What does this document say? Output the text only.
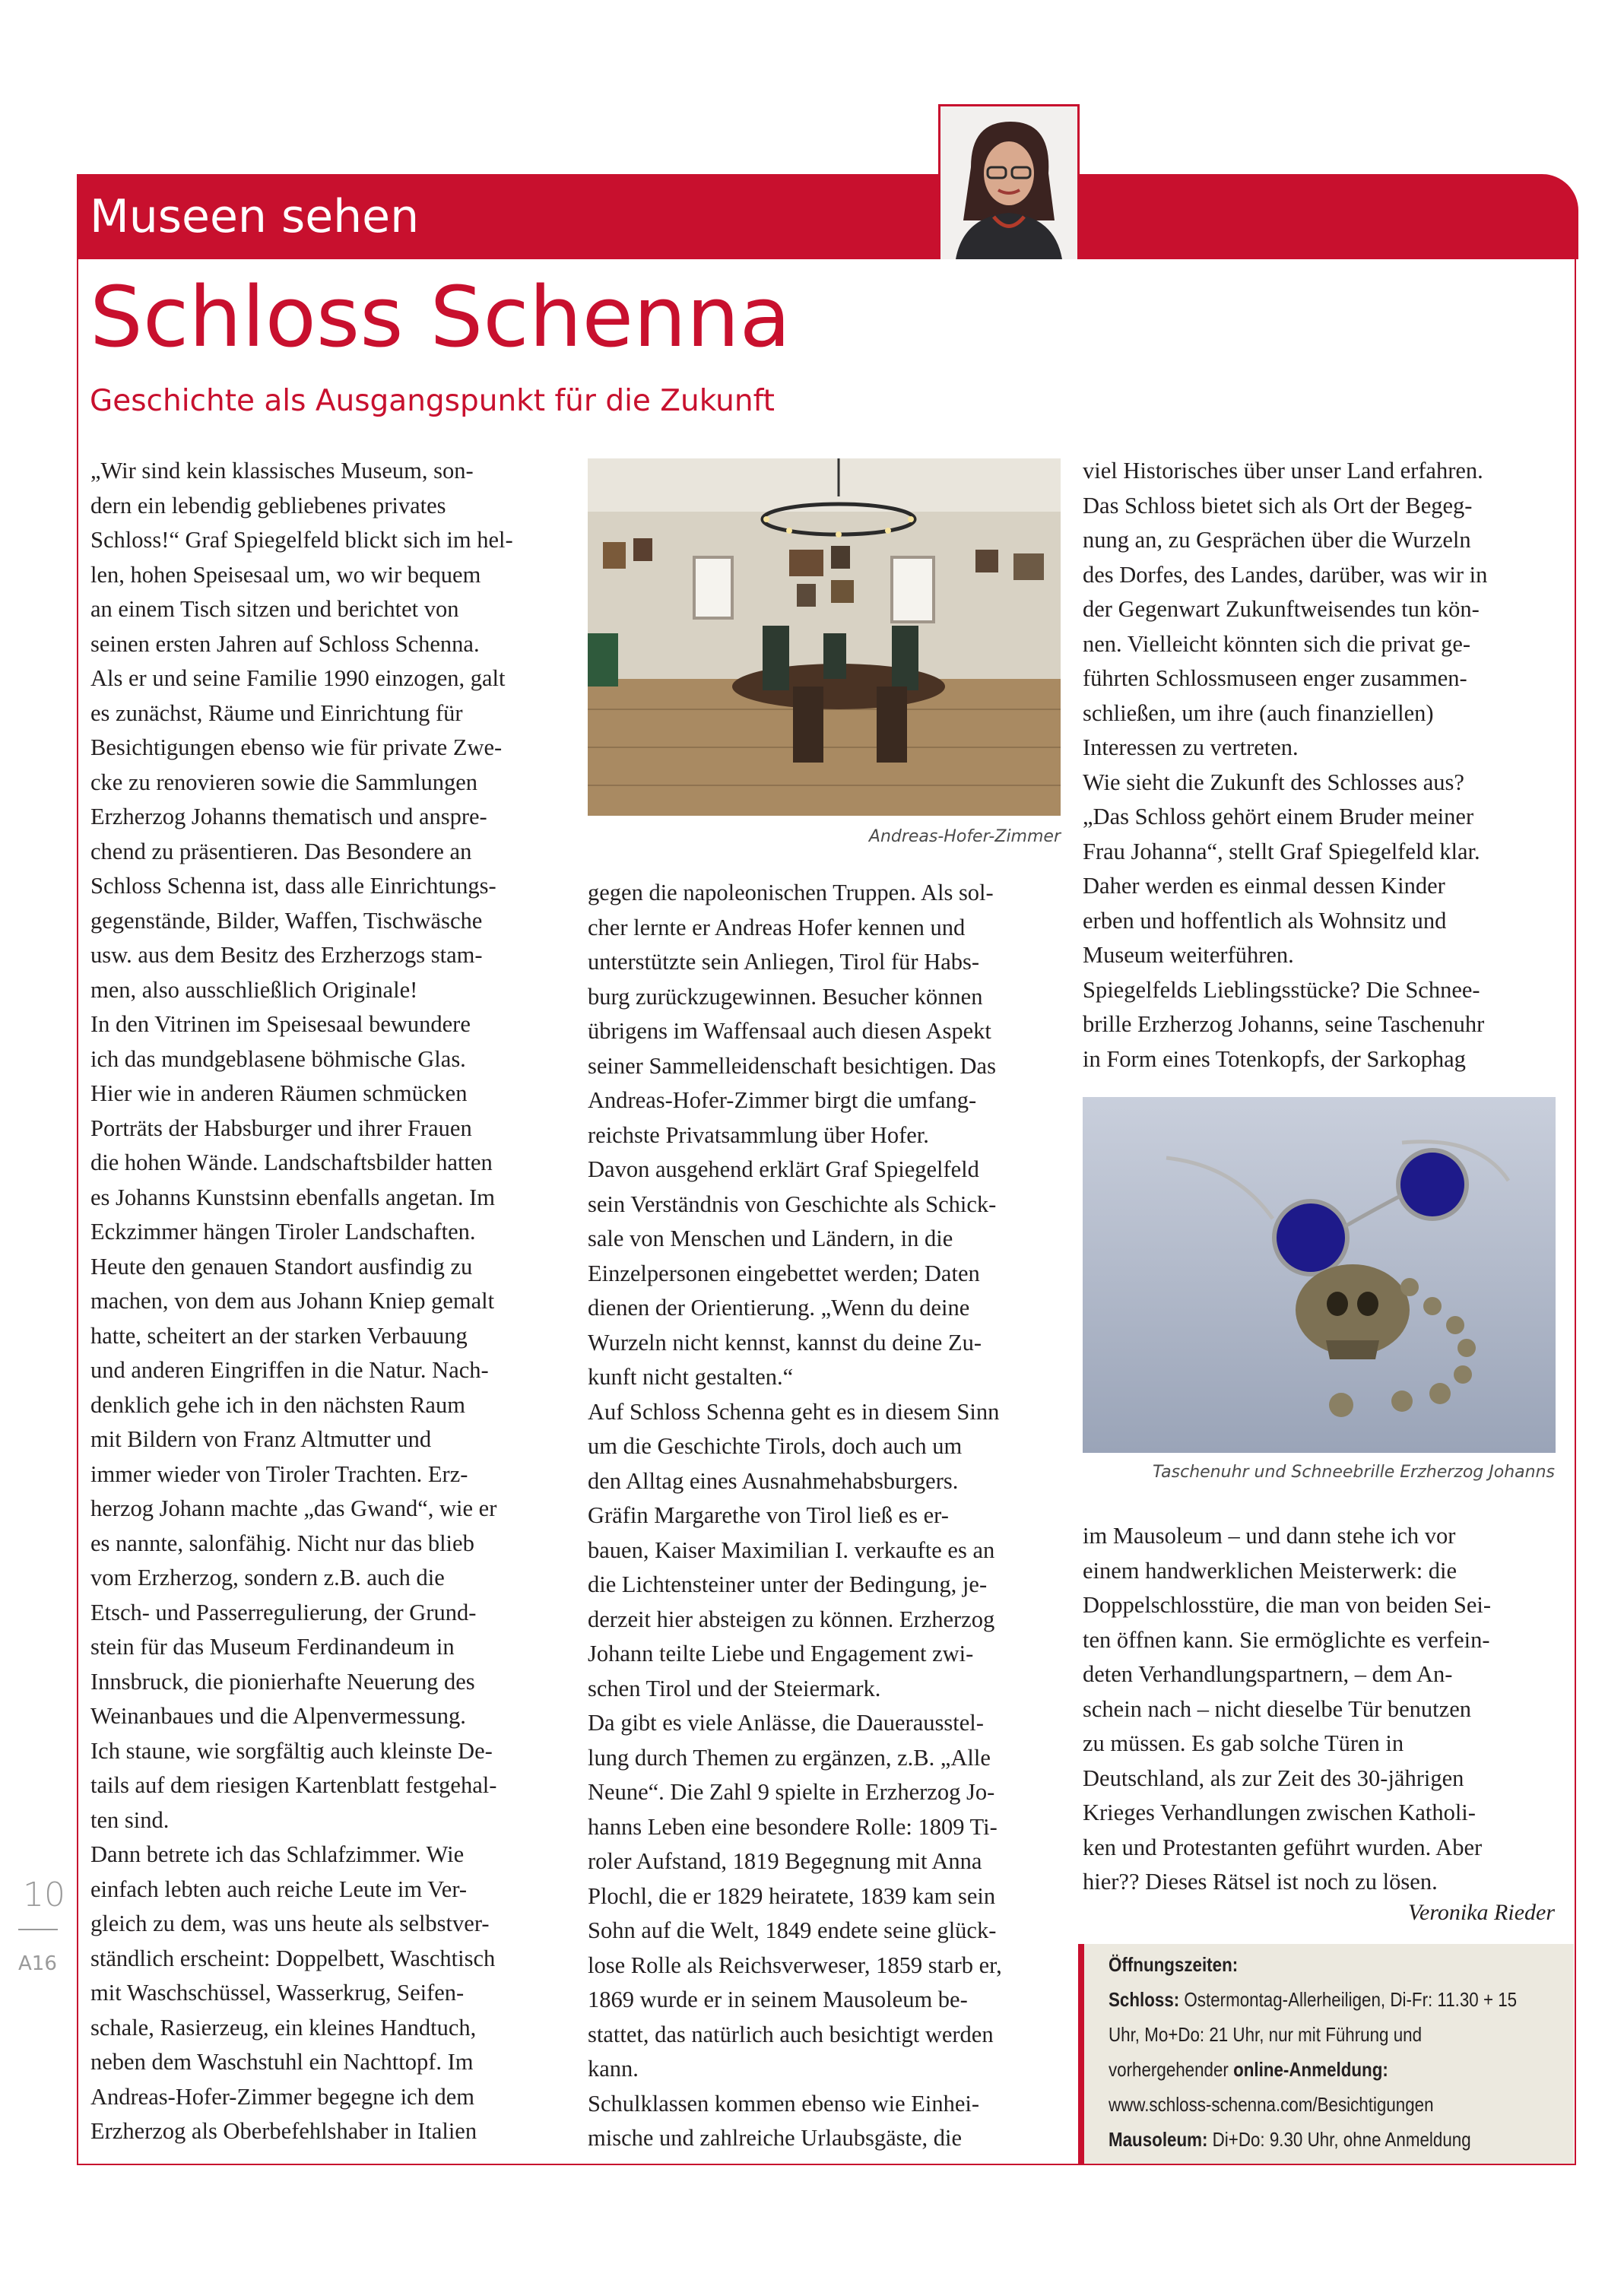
Museen sehen
Schloss Schenna
Geschichte als Ausgangspunkt für die Zukunft
„Wir sind kein klassisches Museum, son-
dern ein lebendig gebliebenes privates
Schloss!“ Graf Spiegelfeld blickt sich im hel-
len, hohen Speisesaal um, wo wir bequem
an einem Tisch sitzen und berichtet von
seinen ersten Jahren auf Schloss Schenna.
Als er und seine Familie 1990 einzogen, galt
es zunächst, Räume und Einrichtung für
Besichtigungen ebenso wie für private Zwe-
cke zu renovieren sowie die Sammlungen
Erzherzog Johanns thematisch und anspre-
chend zu präsentieren. Das Besondere an
Schloss Schenna ist, dass alle Einrichtungs-
gegenstände, Bilder, Waffen, Tischwäsche
usw. aus dem Besitz des Erzherzogs stam-
men, also ausschließlich Originale!
In den Vitrinen im Speisesaal bewundere
ich das mundgeblasene böhmische Glas.
Hier wie in anderen Räumen schmücken
Porträts der Habsburger und ihrer Frauen
die hohen Wände. Landschaftsbilder hatten
es Johanns Kunstsinn ebenfalls angetan. Im
Eckzimmer hängen Tiroler Landschaften.
Heute den genauen Standort ausfindig zu
machen, von dem aus Johann Kniep gemalt
hatte, scheitert an der starken Verbauung
und anderen Eingriffen in die Natur. Nach-
denklich gehe ich in den nächsten Raum
mit Bildern von Franz Altmutter und
immer wieder von Tiroler Trachten. Erz-
herzog Johann machte „das Gwand“, wie er
es nannte, salonfähig. Nicht nur das blieb
vom Erzherzog, sondern z.B. auch die
Etsch- und Passerregulierung, der Grund-
stein für das Museum Ferdinandeum in
Innsbruck, die pionierhafte Neuerung des
Weinanbaues und die Alpenvermessung.
Ich staune, wie sorgfältig auch kleinste De-
tails auf dem riesigen Kartenblatt festgehal-
ten sind.
Dann betrete ich das Schlafzimmer. Wie
einfach lebten auch reiche Leute im Ver-
gleich zu dem, was uns heute als selbstver-
ständlich erscheint: Doppelbett, Waschtisch
mit Waschschüssel, Wasserkrug, Seifen-
schale, Rasierzeug, ein kleines Handtuch,
neben dem Waschstuhl ein Nachttopf. Im
Andreas-Hofer-Zimmer begegne ich dem
Erzherzog als Oberbefehlshaber in Italien
Andreas-Hofer-Zimmer
gegen die napoleonischen Truppen. Als sol-
cher lernte er Andreas Hofer kennen und
unterstützte sein Anliegen, Tirol für Habs-
burg zurückzugewinnen. Besucher können
übrigens im Waffensaal auch diesen Aspekt
seiner Sammelleidenschaft besichtigen. Das
Andreas-Hofer-Zimmer birgt die umfang-
reichste Privatsammlung über Hofer.
Davon ausgehend erklärt Graf Spiegelfeld
sein Verständnis von Geschichte als Schick-
sale von Menschen und Ländern, in die
Einzelpersonen eingebettet werden; Daten
dienen der Orientierung. „Wenn du deine
Wurzeln nicht kennst, kannst du deine Zu-
kunft nicht gestalten.“
Auf Schloss Schenna geht es in diesem Sinn
um die Geschichte Tirols, doch auch um
den Alltag eines Ausnahmehabsburgers.
Gräfin Margarethe von Tirol ließ es er-
bauen, Kaiser Maximilian I. verkaufte es an
die Lichtensteiner unter der Bedingung, je-
derzeit hier absteigen zu können. Erzherzog
Johann teilte Liebe und Engagement zwi-
schen Tirol und der Steiermark.
Da gibt es viele Anlässe, die Dauerausstel-
lung durch Themen zu ergänzen, z.B. „Alle
Neune“. Die Zahl 9 spielte in Erzherzog Jo-
hanns Leben eine besondere Rolle: 1809 Ti-
roler Aufstand, 1819 Begegnung mit Anna
Plochl, die er 1829 heiratete, 1839 kam sein
Sohn auf die Welt, 1849 endete seine glück-
lose Rolle als Reichsverweser, 1859 starb er,
1869 wurde er in seinem Mausoleum be-
stattet, das natürlich auch besichtigt werden
kann.
Schulklassen kommen ebenso wie Einhei-
mische und zahlreiche Urlaubsgäste, die
viel Historisches über unser Land erfahren.
Das Schloss bietet sich als Ort der Begeg-
nung an, zu Gesprächen über die Wurzeln
des Dorfes, des Landes, darüber, was wir in
der Gegenwart Zukunftweisendes tun kön-
nen. Vielleicht könnten sich die privat ge-
führten Schlossmuseen enger zusammen-
schließen, um ihre (auch finanziellen)
Interessen zu vertreten.
Wie sieht die Zukunft des Schlosses aus?
„Das Schloss gehört einem Bruder meiner
Frau Johanna“, stellt Graf Spiegelfeld klar.
Daher werden es einmal dessen Kinder
erben und hoffentlich als Wohnsitz und
Museum weiterführen.
Spiegelfelds Lieblingsstücke? Die Schnee-
brille Erzherzog Johanns, seine Taschenuhr
in Form eines Totenkopfs, der Sarkophag
Taschenuhr und Schneebrille Erzherzog Johanns
im Mausoleum – und dann stehe ich vor
einem handwerklichen Meisterwerk: die
Doppelschlosstüre, die man von beiden Sei-
ten öffnen kann. Sie ermöglichte es verfein-
deten Verhandlungspartnern, – dem An-
schein nach – nicht dieselbe Tür benutzen
zu müssen. Es gab solche Türen in
Deutschland, als zur Zeit des 30-jährigen
Krieges Verhandlungen zwischen Katholi-
ken und Protestanten geführt wurden. Aber
hier?? Dieses Rätsel ist noch zu lösen.
Veronika Rieder
Öffnungszeiten:
Schloss: Ostermontag-Allerheiligen, Di-Fr: 11.30 + 15
Uhr, Mo+Do: 21 Uhr, nur mit Führung und
vorhergehender online-Anmeldung:
www.schloss-schenna.com/Besichtigungen
Mausoleum: Di+Do: 9.30 Uhr, ohne Anmeldung
10
A16
